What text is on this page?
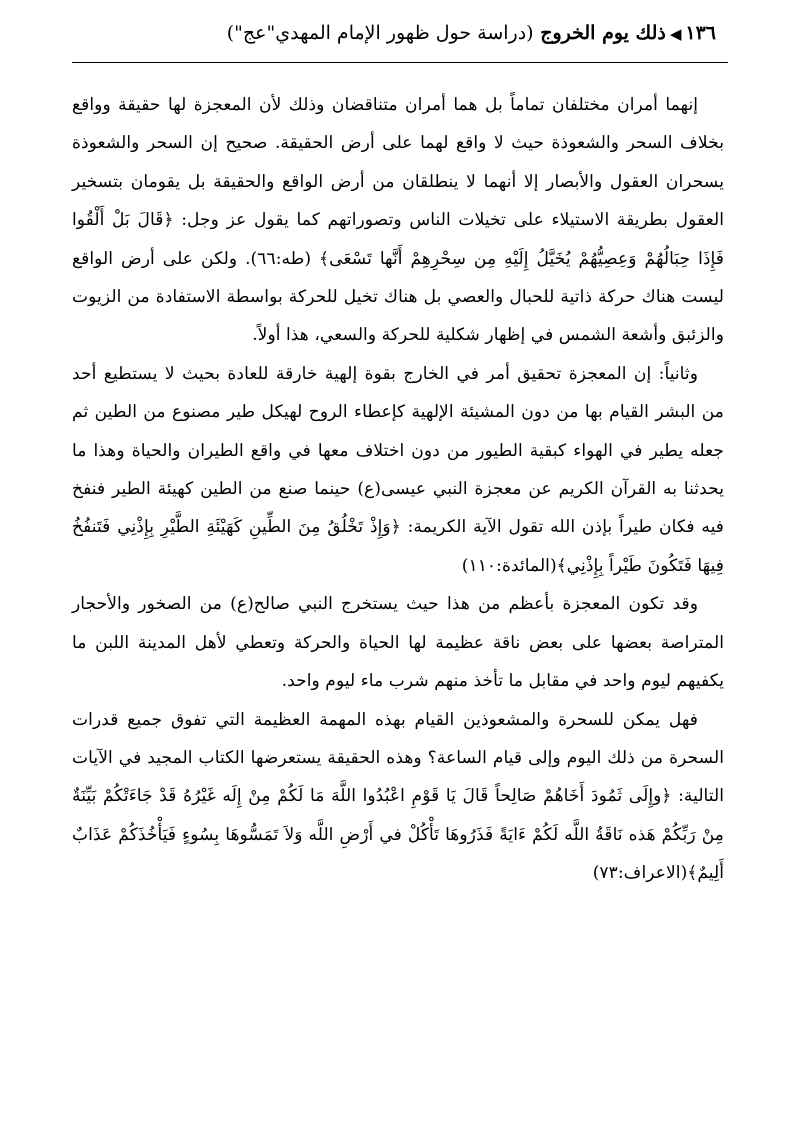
١٣٦◀ذلك يوم الخروج (دراسة حول ظهور الإمام المهدي"عج")

إنهما أمران مختلفان تماماً بل هما أمران متناقضان وذلك لأن المعجزة لها حقيقة وواقع بخلاف السحر والشعوذة حيث لا واقع لهما على أرض الحقيقة. صحيح إن السحر والشعوذة يسحران العقول والأبصار إلا أنهما لا ينطلقان من أرض الواقع والحقيقة بل يقومان بتسخير العقول بطريقة الاستيلاء على تخيلات الناس وتصوراتهم كما يقول عز وجل: ﴿قَالَ بَلْ أَلْقُوا فَإِذَا حِبَالُهُمْ وَعِصِيُّهُمْ يُخَيَّلُ إِلَيْهِ مِن سِحْرِهِمْ أَنَّها تَسْعَى﴾ (طه:٦٦). ولكن على أرض الواقع ليست هناك حركة ذاتية للحبال والعصي بل هناك تخيل للحركة بواسطة الاستفادة من الزيوت والزئبق وأشعة الشمس في إظهار شكلية للحركة والسعي، هذا أولاً.

وثانياً: إن المعجزة تحقيق أمر في الخارج بقوة إلهية خارقة للعادة بحيث لا يستطيع أحد من البشر القيام بها من دون المشيئة الإلهية كإعطاء الروح لهيكل طير مصنوع من الطين ثم جعله يطير في الهواء كبقية الطيور من دون اختلاف معها في واقع الطيران والحياة وهذا ما يحدثنا به القرآن الكريم عن معجزة النبي عيسى(ع) حينما صنع من الطين كهيئة الطير فنفخ فيه فكان طيراً بإذن الله تقول الآية الكريمة: ﴿وَإِذْ تَخْلُقُ مِنَ الطِّينِ كَهَيْئَةِ الطَّيْرِ بِإِذْنِي فَتَنفُخُ فِيهَا فَتَكُونَ طَيْراً بِإِذْنِي﴾(المائدة:١١٠)

وقد تكون المعجزة بأعظم من هذا حيث يستخرج النبي صالح(ع) من الصخور والأحجار المتراصة بعضها على بعض ناقة عظيمة لها الحياة والحركة وتعطي لأهل المدينة اللبن ما يكفيهم ليوم واحد في مقابل ما تأخذ منهم شرب ماء ليوم واحد.

فهل يمكن للسحرة والمشعوذين القيام بهذه المهمة العظيمة التي تفوق جميع قدرات السحرة من ذلك اليوم وإلى قيام الساعة؟ وهذه الحقيقة يستعرضها الكتاب المجيد في الآيات التالية: ﴿وإِلَى ثَمُودَ أَخَاهُمْ صَالِحاً قَالَ يَا قَوْمِ اعْبُدُوا اللَّهَ مَا لَكُمْ مِنْ إِلَه غَيْرُهُ قَدْ جَاءَتْكُمْ بَيِّنَةٌ مِنْ رَبِّكُمْ هَذه نَاقَةُ اللَّه لَكُمْ ءَايَةً فَذَرُوهَا تَأْكُلْ في أَرْضِ اللَّه وَلاَ تَمَسُّوهَا بِسُوءٍ فَيَأْخُذَكُمْ عَذَابٌ أَلِيمٌ﴾(الاعراف:٧٣)
